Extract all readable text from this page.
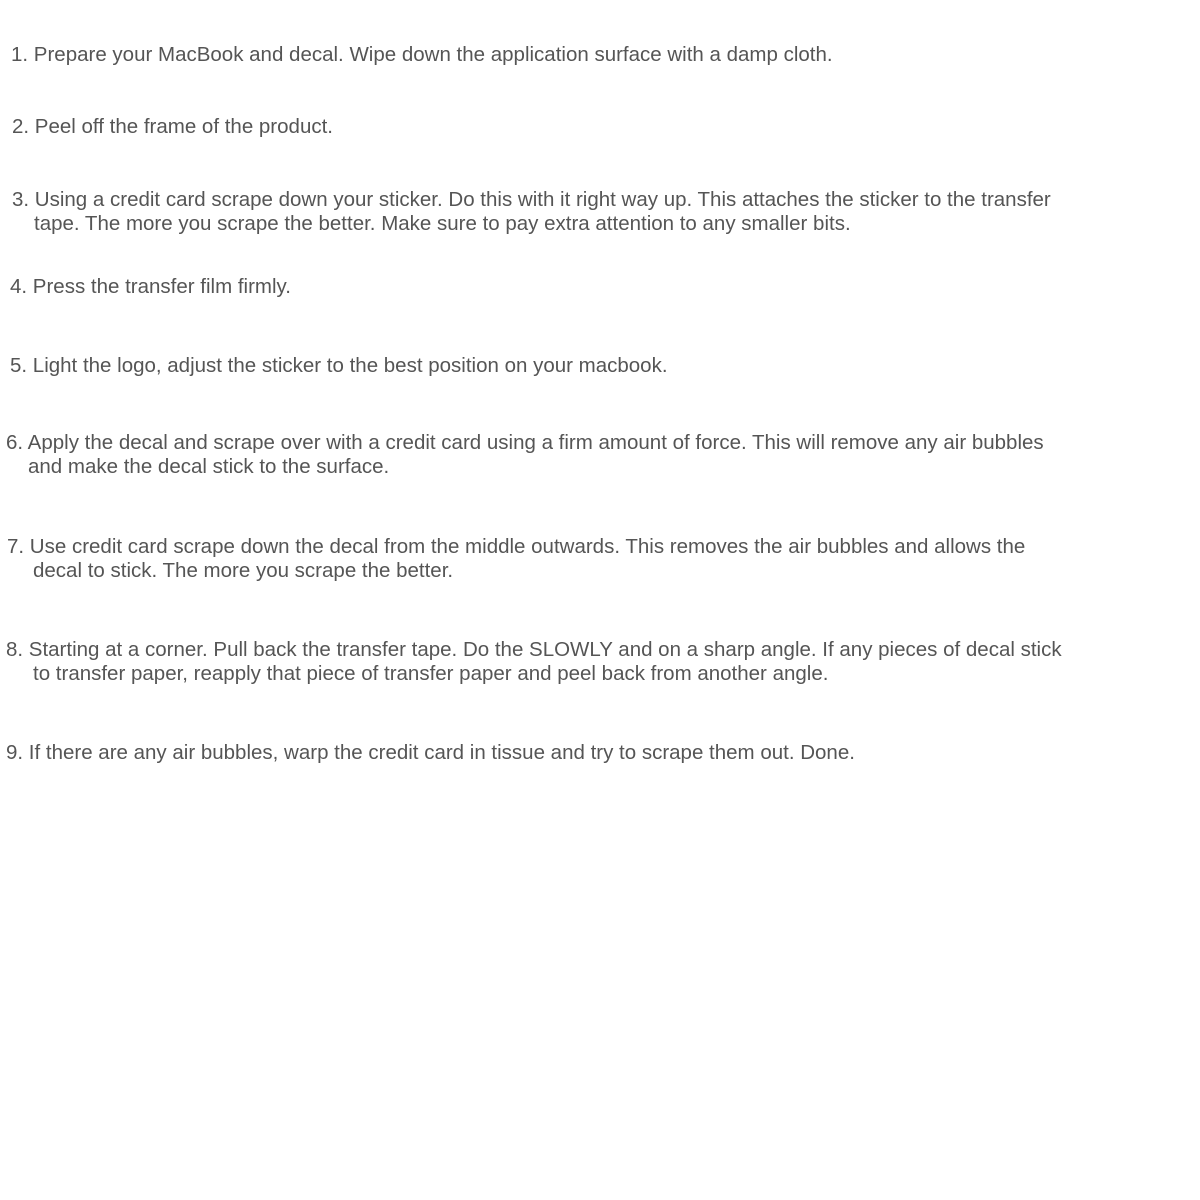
1. Prepare your MacBook and decal. Wipe down the application surface with a damp cloth.
2. Peel off the frame of the product.
3. Using a credit card scrape down your sticker. Do this with it right way up. This attaches the sticker to the transfer
tape. The more you scrape the better. Make sure to pay extra attention to any smaller bits.
4. Press the transfer film firmly.
5. Light the logo, adjust the sticker to the best position on your macbook.
6. Apply the decal and scrape over with a credit card using a firm amount of force. This will remove any air bubbles
and make the decal stick to the surface.
7. Use credit card scrape down the decal from the middle outwards. This removes the air bubbles and allows the
decal to stick. The more you scrape the better.
8. Starting at a corner. Pull back the transfer tape. Do the SLOWLY and on a sharp angle. If any pieces of decal stick
to transfer paper, reapply that piece of transfer paper and peel back from another angle.
9. If there are any air bubbles, warp the credit card in tissue and try to scrape them out. Done.
